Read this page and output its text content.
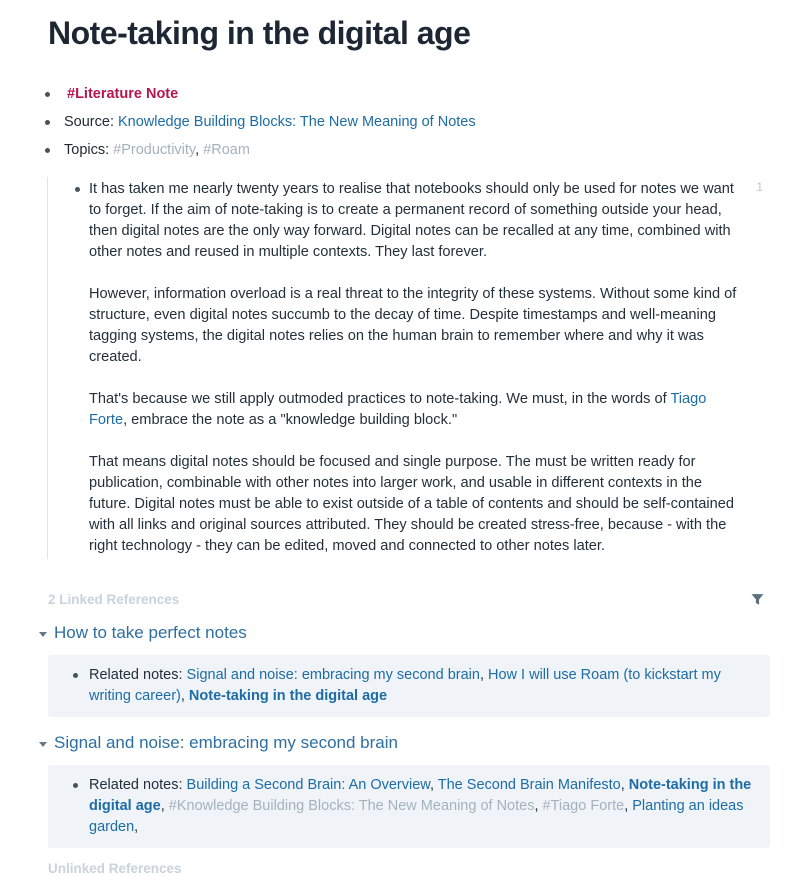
Note-taking in the digital age
#Literature Note
Source: Knowledge Building Blocks: The New Meaning of Notes
Topics: #Productivity, #Roam
1

It has taken me nearly twenty years to realise that notebooks should only be used for notes we want to forget. If the aim of note-taking is to create a permanent record of something outside your head, then digital notes are the only way forward. Digital notes can be recalled at any time, combined with other notes and reused in multiple contexts. They last forever.

However, information overload is a real threat to the integrity of these systems. Without some kind of structure, even digital notes succumb to the decay of time. Despite timestamps and well-meaning tagging systems, the digital notes relies on the human brain to remember where and why it was created.

That's because we still apply outmoded practices to note-taking. We must, in the words of Tiago Forte, embrace the note as a "knowledge building block."

That means digital notes should be focused and single purpose. The must be written ready for publication, combinable with other notes into larger work, and usable in different contexts in the future. Digital notes must be able to exist outside of a table of contents and should be self-contained with all links and original sources attributed. They should be created stress-free, because - with the right technology - they can be edited, moved and connected to other notes later.

2 Linked References
How to take perfect notes
Related notes: Signal and noise: embracing my second brain, How I will use Roam (to kickstart my writing career), Note-taking in the digital age
Signal and noise: embracing my second brain
Related notes: Building a Second Brain: An Overview, The Second Brain Manifesto, Note-taking in the digital age, #Knowledge Building Blocks: The New Meaning of Notes, #Tiago Forte, Planting an ideas garden,
Unlinked References
